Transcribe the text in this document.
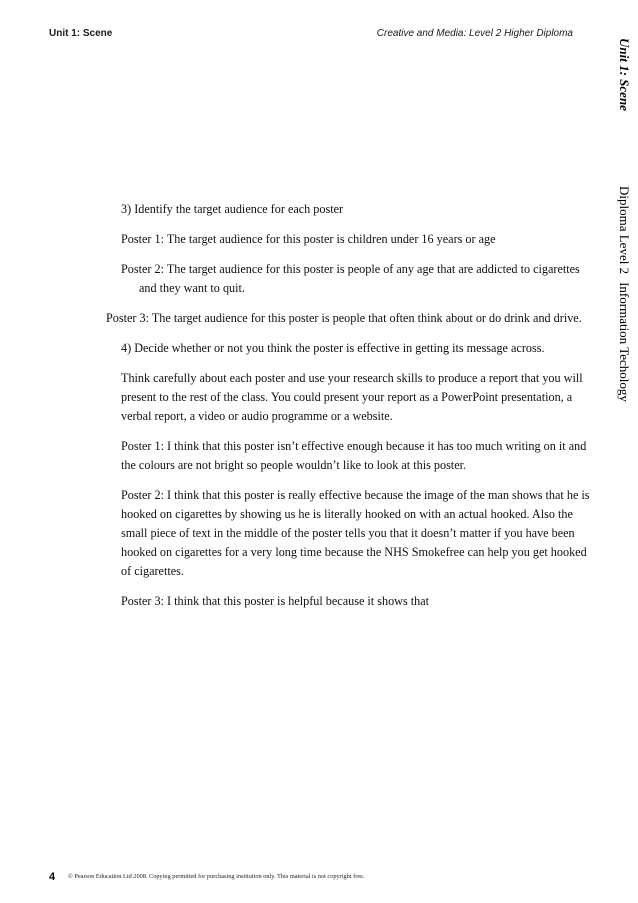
Unit 1: Scene	Creative and Media: Level 2 Higher Diploma
Unit 1: Scene
Diploma Level 2Information Techology

3) Identify the target audience for each poster

Poster 1: The target audience for this poster is children under 16 years or age

Poster 2: The target audience for this poster is people of any age that are addicted to cigarettes and they want to quit.

Poster 3: The target audience for this poster is people that often think about or do drink and drive.

4) Decide whether or not you think the poster is effective in getting its message across.

Think carefully about each poster and use your research skills to produce a report that you will present to the rest of the class. You could present your report as a PowerPoint presentation, a verbal report, a video or audio programme or a website.

Poster 1: I think that this poster isn’t effective enough because it has too much writing on it and the colours are not bright so people wouldn’t like to look at this poster.

Poster 2: I think that this poster is really effective because the image of the man shows that he is hooked on cigarettes by showing us he is literally hooked on with an actual hooked. Also the small piece of text in the middle of the poster tells you that it doesn’t matter if you have been hooked on cigarettes for a very long time because the NHS Smokefree can help you get hooked of cigarettes.

Poster 3: I think that this poster is helpful because it shows that

4 © Pearson Education Ltd 2008. Copying permitted for purchasing institution only. This material is not copyright free.
